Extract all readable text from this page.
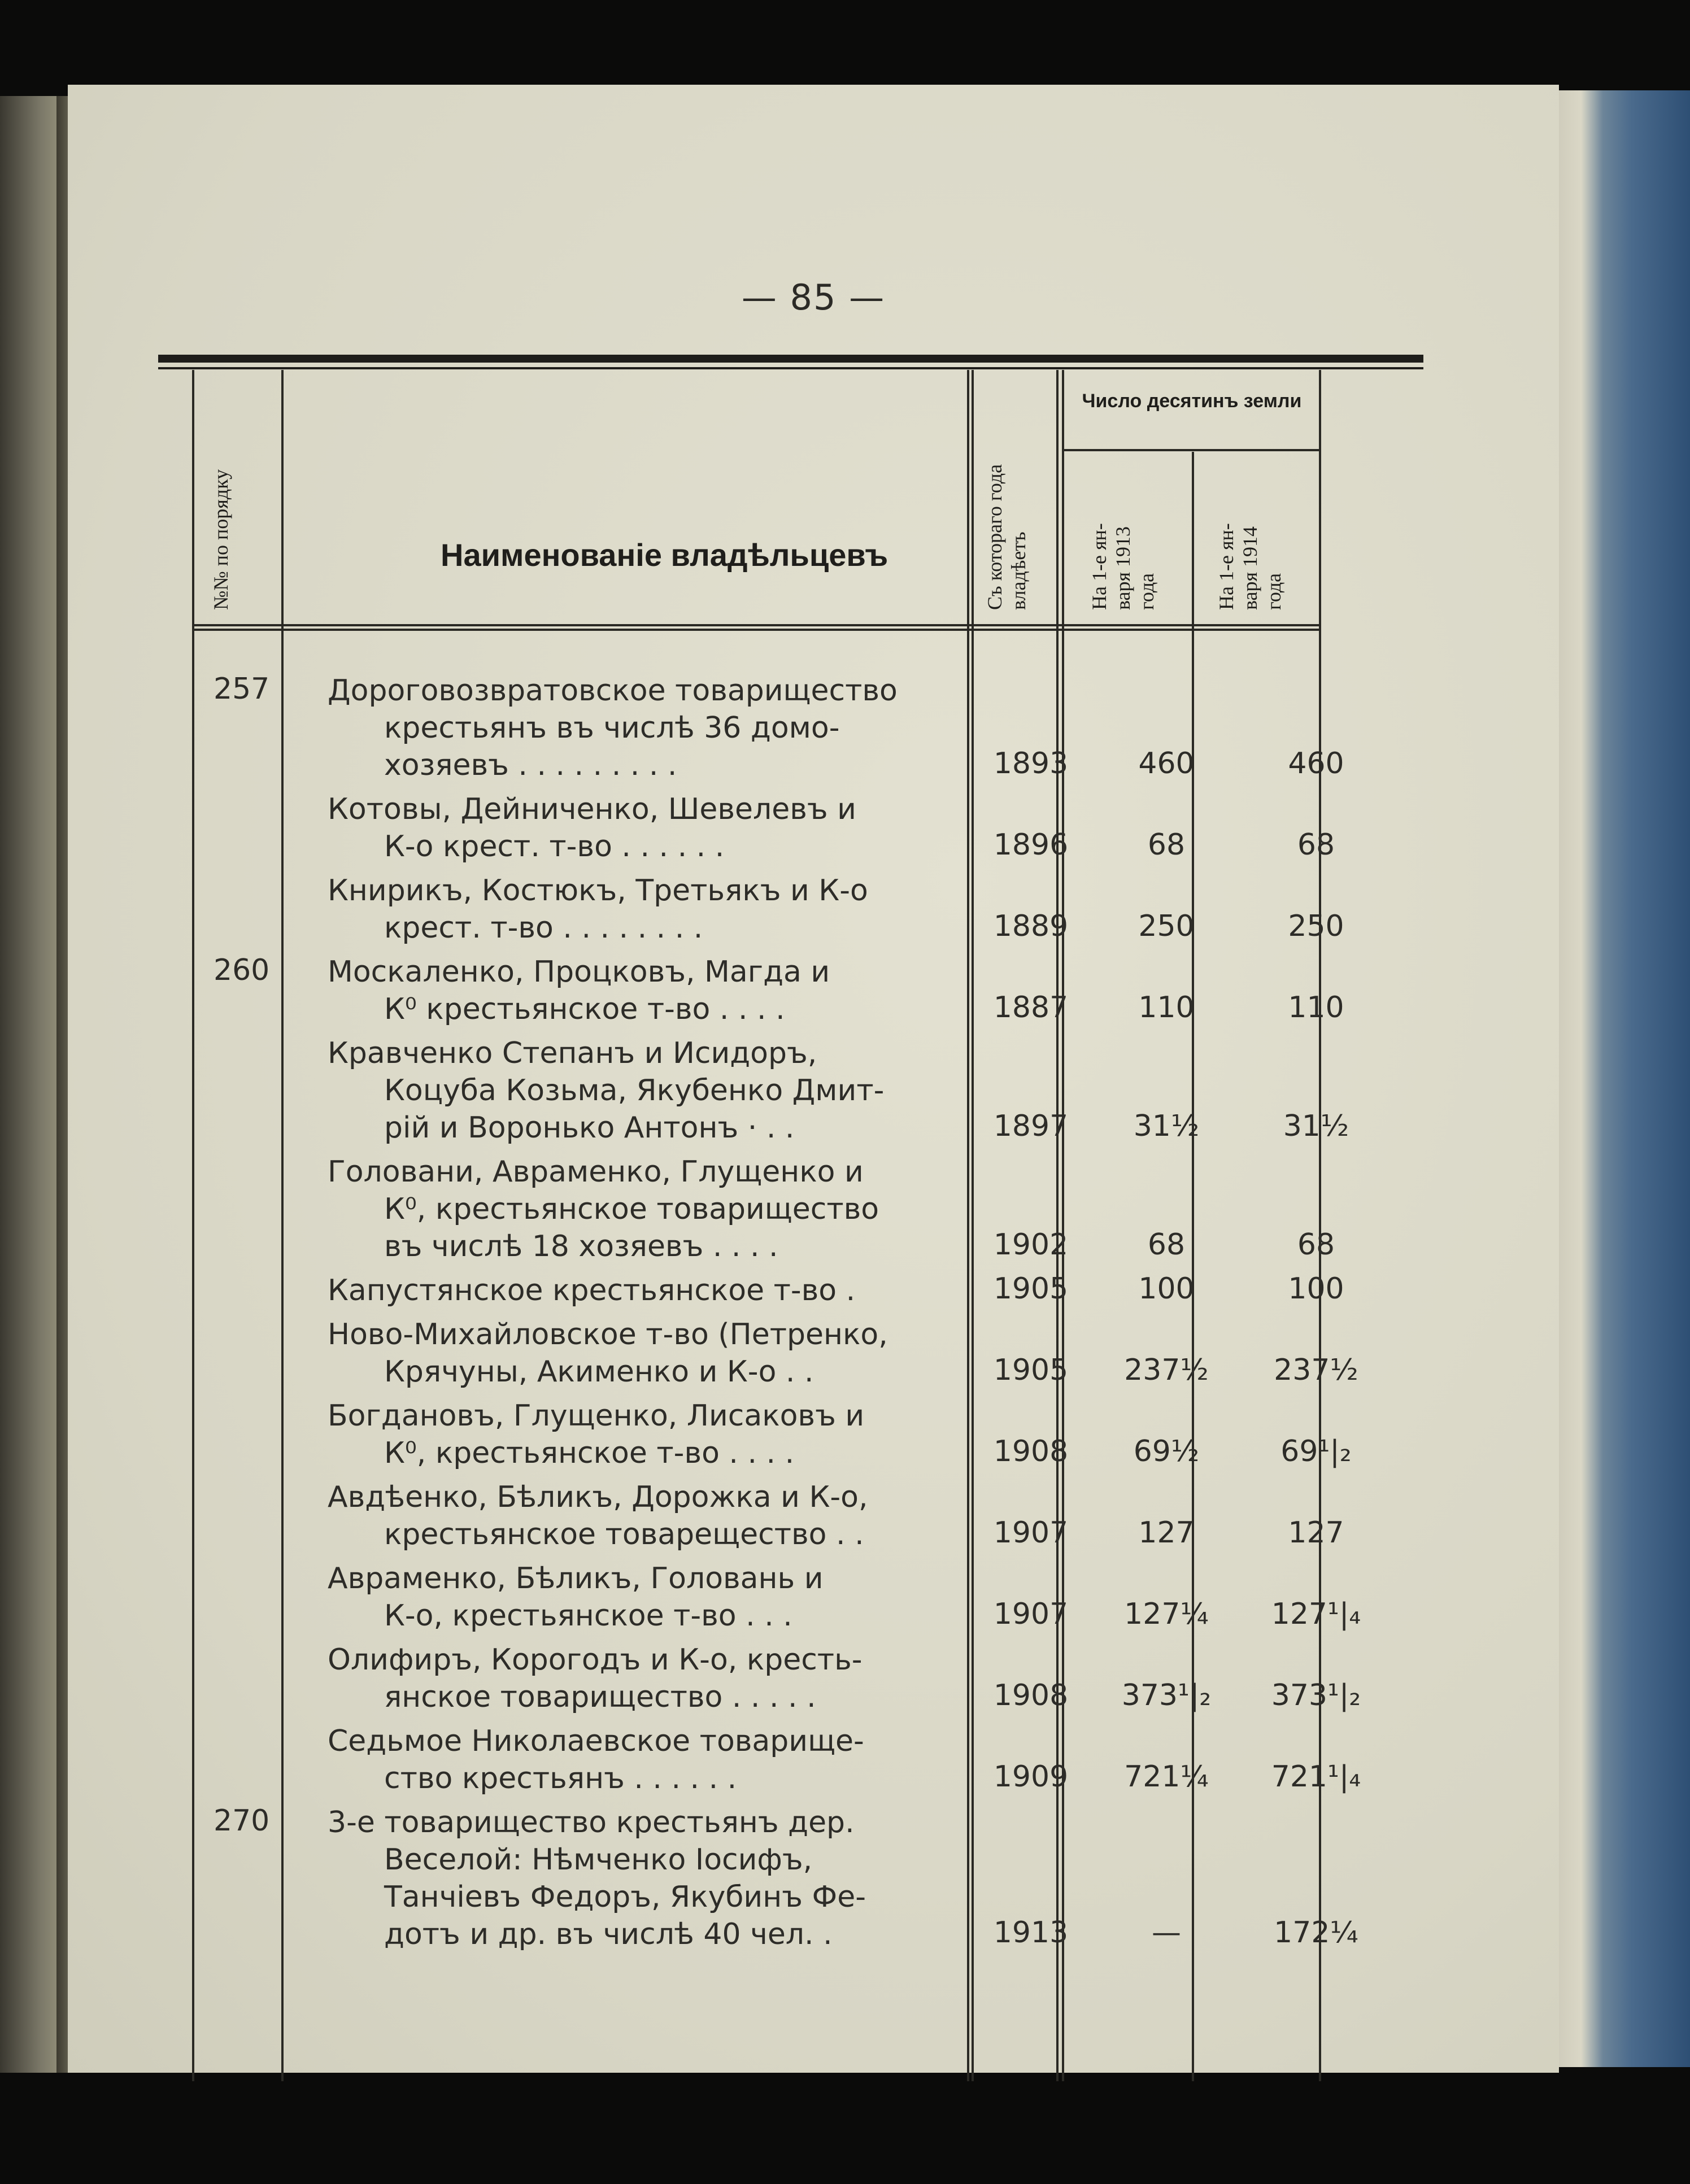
— 85 —
№№ по порядку	Наименованіе владѣльцевъ	Съ котораго года владѣетъ
Число десятинъ земли
На 1-е ян- варя 1913 года	На 1-е ян- варя 1914 года
257	Дороговозвратовское товарищество
крестьянъ въ числѣ 36 домо-
хозяевъ . . . . . . . . .	1893	460	460
Котовы, Дейниченко, Шевелевъ и
К-о крест. т-во . . . . . .	1896	68	68
Книрикъ, Костюкъ, Третьякъ и К-о
крест. т-во . . . . . . . .	1889	250	250
260	Москаленко, Процковъ, Магда и
К⁰ крестьянское т-во . . . .	1887	110	110
Кравченко Степанъ и Исидоръ,
Коцуба Козьма, Якубенко Дмит-
рій и Воронько Антонъ · . .	1897	31½	31½
Головани, Авраменко, Глущенко и
К⁰, крестьянское товарищество
въ числѣ 18 хозяевъ . . . .	1902	68	68
Капустянское крестьянское т-во .	1905	100	100
Ново-Михайловское т-во (Петренко,
Крячуны, Акименко и К-о . .	1905	237½	237½
Богдановъ, Глущенко, Лисаковъ и
К⁰, крестьянское т-во . . . .	1908	69½	69¹|₂
Авдѣенко, Бѣликъ, Дорожка и К-о,
крестьянское товарещество . .	1907	127	127
Авраменко, Бѣликъ, Головань и
К-о, крестьянское т-во . . .	1907	127¼	127¹|₄
Олифиръ, Корогодъ и К-о, кресть-
янское товарищество . . . . .	1908	373¹|₂	373¹|₂
Седьмое Николаевское товарище-
ство крестьянъ . . . . . .	1909	721¼	721¹|₄
270	3-е товарищество крестьянъ дер.
Веселой: Нѣмченко Іосифъ,
Танчіевъ Федоръ, Якубинъ Фе-
дотъ и др. въ числѣ 40 чел. .	1913	—	172¼
